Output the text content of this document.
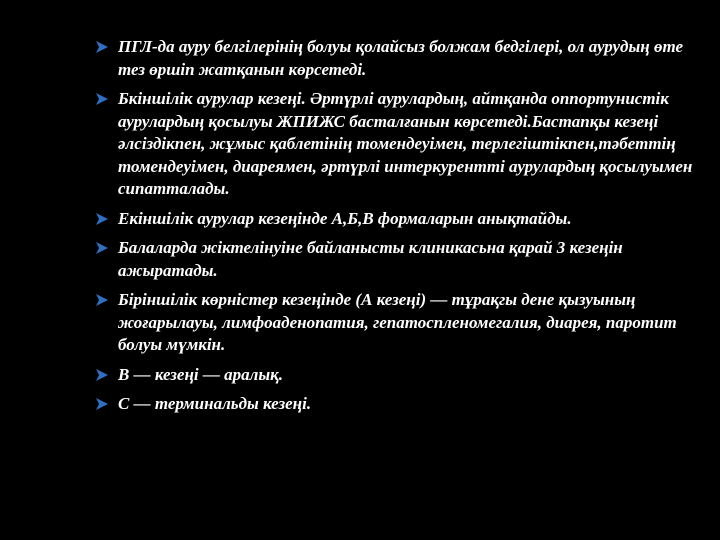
ПГЛ-да ауру белгілерінің болуы қолайсыз болжам бедгілері, ол аурудың өте тез өршіп жатқанын көрсетеді.
Бкіншілік аурулар кезеңі. Әртүрлі аурулардың, айтқанда оппортунистік аурулардың қосылуы ЖПИЖС басталғанын көрсетеді.Бастапқы кезеңі әлсіздікпен, жұмыс қаблетінің томендеуімен, терлегіштікпен,тәбеттің томендеуімен, диареямен, әртүрлі интеркурентті аурулардың қосылуымен сипатталады.
Екіншілік аурулар кезеңінде А,Б,В формаларын анықтайды.
Балаларда жіктелінуіне байланысты клиникасьна қарай 3 кезеңін ажыратады.
Біріншілік көрністер кезеңінде (А кезеңі) — тұрақгы дене қызуының жоғарылауы, лимфоаденопатия, гепатоспленомегалия, диарея, паротит болуы мүмкін.
В — кезеңі — аралық.
С — терминальды кезеңі.
